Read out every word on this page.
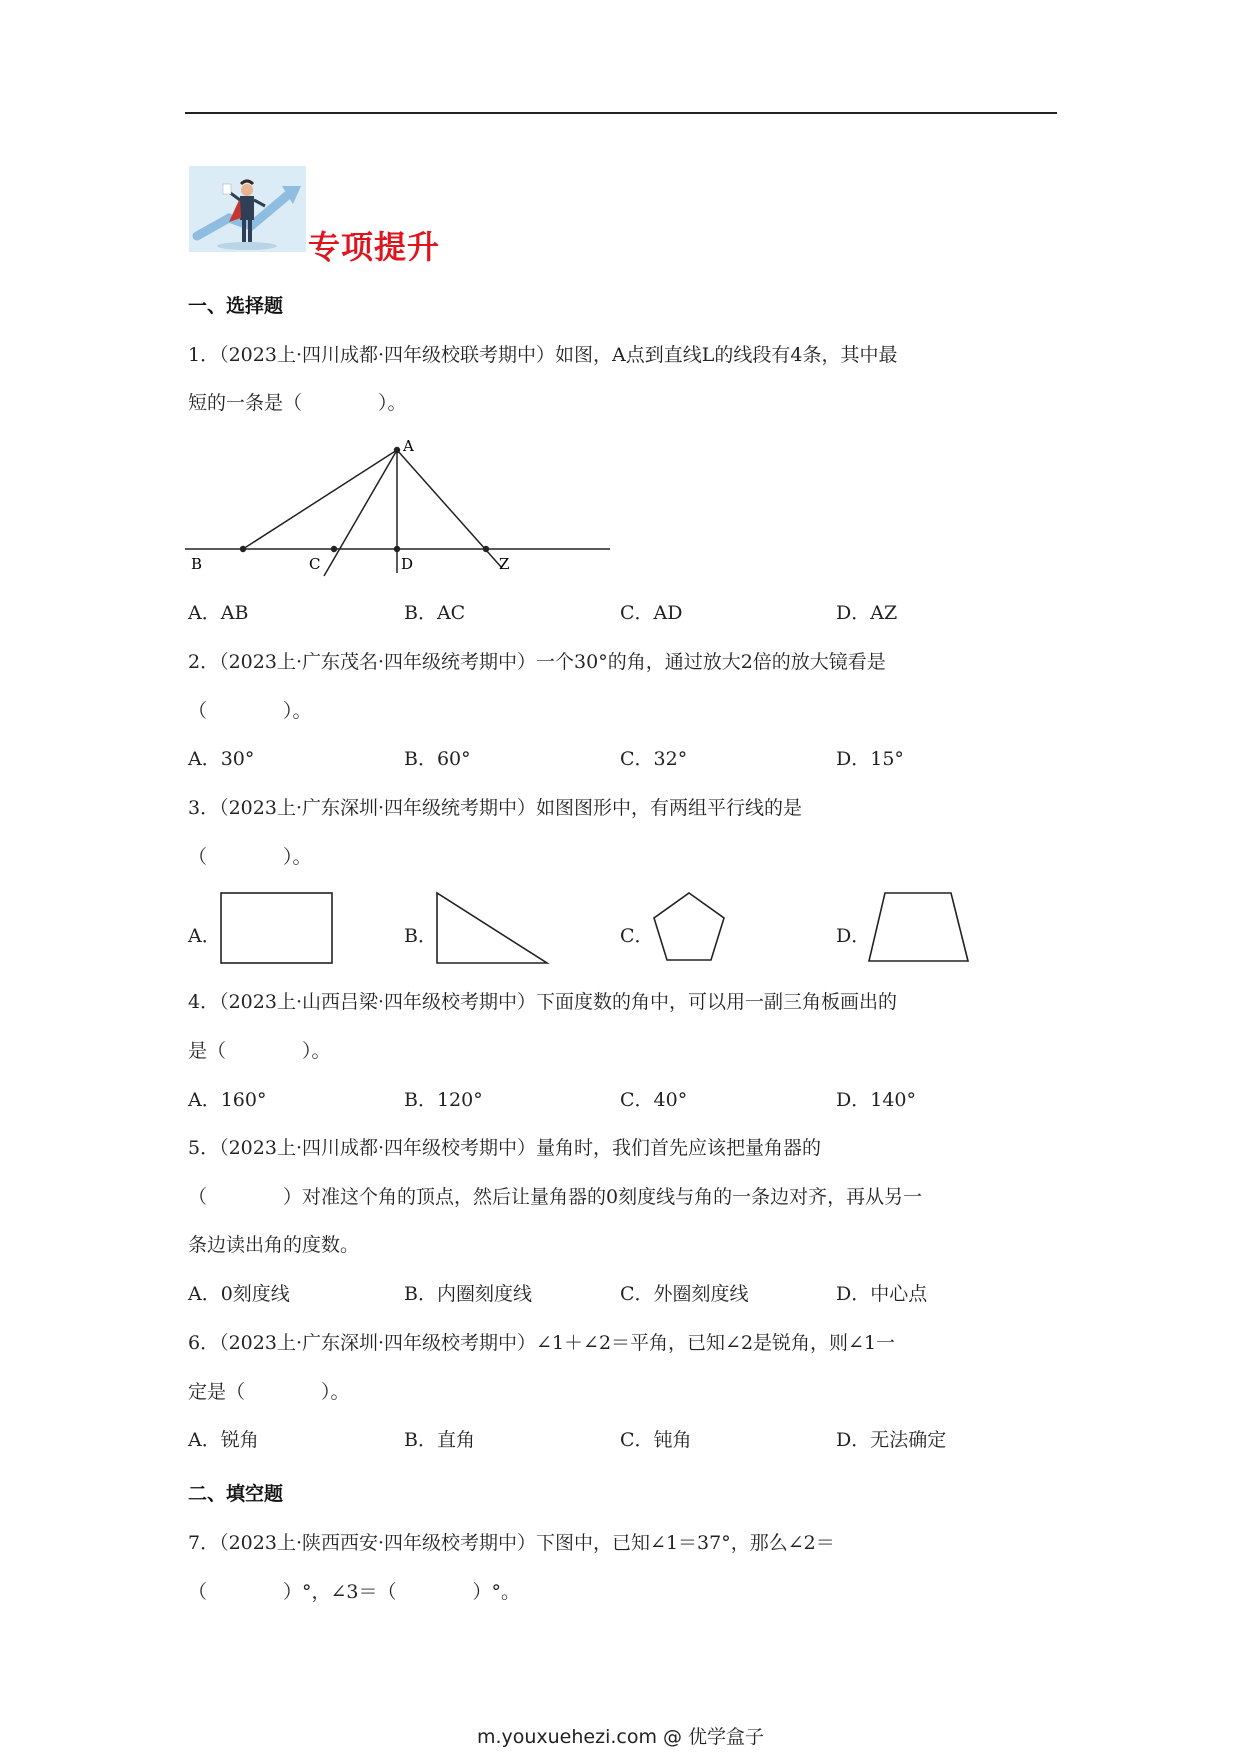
专项提升
一、选择题
1．（2023上·四川成都·四年级校联考期中）如图，A点到直线L的线段有4条，其中最
短的一条是（　　　　）。
A
B	C	D	Z
A．AB	B．AC	C．AD	D．AZ
2．（2023上·广东茂名·四年级统考期中）一个30°的角，通过放大2倍的放大镜看是
（　　　　）。
A．30°	B．60°	C．32°	D．15°
3．（2023上·广东深圳·四年级统考期中）如图图形中，有两组平行线的是
（　　　　）。
A．	B．	C．	D．
4．（2023上·山西吕梁·四年级校考期中）下面度数的角中，可以用一副三角板画出的
是（　　　　）。
A．160°	B．120°	C．40°	D．140°
5．（2023上·四川成都·四年级校考期中）量角时，我们首先应该把量角器的
（　　　　）对准这个角的顶点，然后让量角器的0刻度线与角的一条边对齐，再从另一
条边读出角的度数。
A．0刻度线	B．内圈刻度线	C．外圈刻度线	D．中心点
6．（2023上·广东深圳·四年级校考期中）∠1＋∠2＝平角，已知∠2是锐角，则∠1一
定是（　　　　）。
A．锐角	B．直角	C．钝角	D．无法确定
二、填空题
7．（2023上·陕西西安·四年级校考期中）下图中，已知∠1＝37°，那么∠2＝
（　　　　）°，∠3＝（　　　　）°。
m.youxuehezi.com @ 优学盒子
